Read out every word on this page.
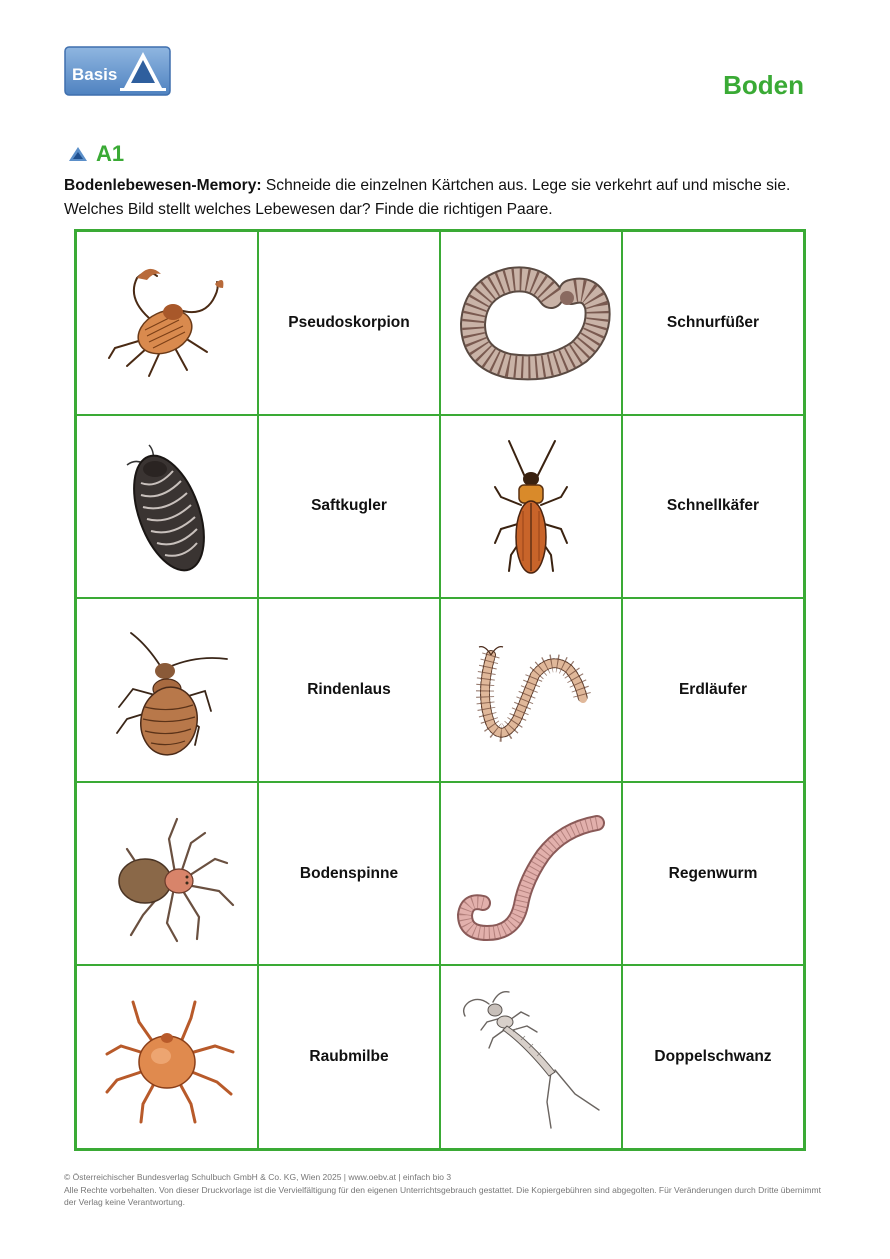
Basis	Boden
A1

Bodenlebewesen-Memory: Schneide die einzelnen Kärtchen aus. Lege sie verkehrt auf und mische sie. Welches Bild stellt welches Lebewesen dar? Finde die richtigen Paare.

Pseudoskorpion	Schnurfüßer
Saftkugler	Schnellkäfer
Rindenlaus	Erdläufer
Bodenspinne	Regenwurm
Raubmilbe	Doppelschwanz
© Österreichischer Bundesverlag Schulbuch GmbH & Co. KG, Wien 2025 | www.oebv.at | einfach bio 3
Alle Rechte vorbehalten. Von dieser Druckvorlage ist die Vervielfältigung für den eigenen Unterrichtsgebrauch gestattet. Die Kopiergebühren sind abgegolten. Für Veränderungen durch Dritte übernimmt der Verlag keine Verantwortung.
